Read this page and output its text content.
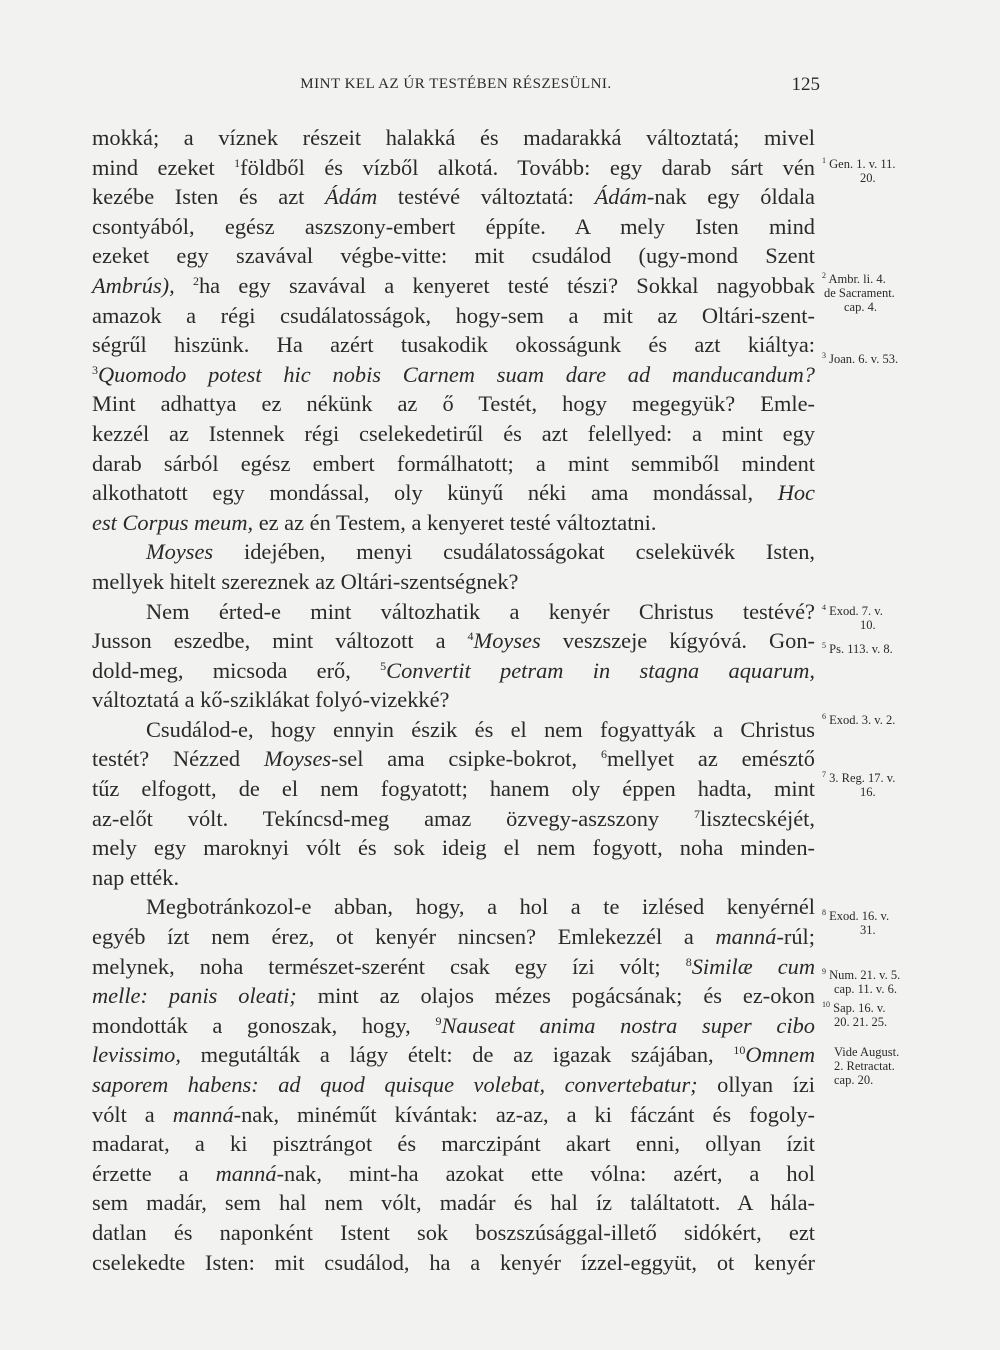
MINT KEL AZ ÚR TESTÉBEN RÉSZESÜLNI.	125
mokká; a víznek részeit halakká és madarakká változtatá; mivel
mind ezeket $^1$földből és vízből alkotá. Tovább: egy darab sárt vén
kezébe Isten és azt Ádám testévé változtatá: Ádám-nak egy óldala
csontyából, egész aszszony-embert éppíte. A mely Isten mind
ezeket egy szavával végbe-vitte: mit csudálod (ugy-mond Szent
Ambrús), $^2$ha egy szavával a kenyeret testé tészi? Sokkal nagyobbak
amazok a régi csudálatosságok, hogy-sem a mit az Oltári-szent-
ségrűl hiszünk. Ha azért tusakodik okosságunk és azt kiáltya:
$^3$Quomodo potest hic nobis Carnem suam dare ad manducandum?
Mint adhattya ez nékünk az ő Testét, hogy megegyük? Emle-
kezzél az Istennek régi cselekedetirűl és azt felellyed: a mint egy
darab sárból egész embert formálhatott; a mint semmiből mindent
alkothatott egy mondással, oly künyű néki ama mondással, Hoc
est Corpus meum, ez az én Testem, a kenyeret testé változtatni.
Moyses idejében, menyi csudálatosságokat cseleküvék Isten,
mellyek hitelt szereznek az Oltári-szentségnek?
Nem érted-e mint változhatik a kenyér Christus testévé?
Jusson eszedbe, mint változott a $^4$Moyses veszszeje kígyóvá. Gon-
dold-meg, micsoda erő, $^5$Convertit petram in stagna aquarum,
változtatá a kő-sziklákat folyó-vizekké?
Csudálod-e, hogy ennyin észik és el nem fogyattyák a Christus
testét? Nézzed Moyses-sel ama csipke-bokrot, $^6$mellyet az emésztő
tűz elfogott, de el nem fogyatott; hanem oly éppen hadta, mint
az-előt vólt. Tekíncsd-meg amaz özvegy-aszszony $^7$lisztecskéjét,
mely egy maroknyi vólt és sok ideig el nem fogyott, noha minden-
nap ették.
Megbotránkozol-e abban, hogy, a hol a te izlésed kenyérnél
egyéb ízt nem érez, ot kenyér nincsen? Emlekezzél a manná-rúl;
melynek, noha természet-szerént csak egy ízi vólt; $^8$Similæ cum
melle: panis oleati; mint az olajos mézes pogácsának; és ez-okon
mondották a gonoszak, hogy, $^9$Nauseat anima nostra super cibo
levissimo, megutálták a lágy ételt: de az igazak szájában, $^{10}$Omnem
saporem habens: ad quod quisque volebat, convertebatur; ollyan ízi
vólt a manná-nak, minéműt kívántak: az-az, a ki fáczánt és fogoly-
madarat, a ki pisztrángot és marczipánt akart enni, ollyan ízit
érzette a manná-nak, mint-ha azokat ette vólna: azért, a hol
sem madár, sem hal nem vólt, madár és hal íz találtatott. A hála-
datlan és naponként Istent sok boszszúsággal-illető sidókért, ezt
cselekedte Isten: mit csudálod, ha a kenyér ízzel-eggyüt, ot kenyér
$^1$ Gen. 1. v. 11.
20.
$^2$ Ambr. li. 4.
de Sacrament.
cap. 4.
$^3$ Joan. 6. v. 53.
$^4$ Exod. 7. v.
10.
$^5$ Ps. 113. v. 8.
$^6$ Exod. 3. v. 2.
$^7$ 3. Reg. 17. v.
16.
$^8$ Exod. 16. v.
31.
$^9$ Num. 21. v. 5.
cap. 11. v. 6.
$^{10}$ Sap. 16. v.
20. 21. 25.
Vide August.
2. Retractat.
cap. 20.
